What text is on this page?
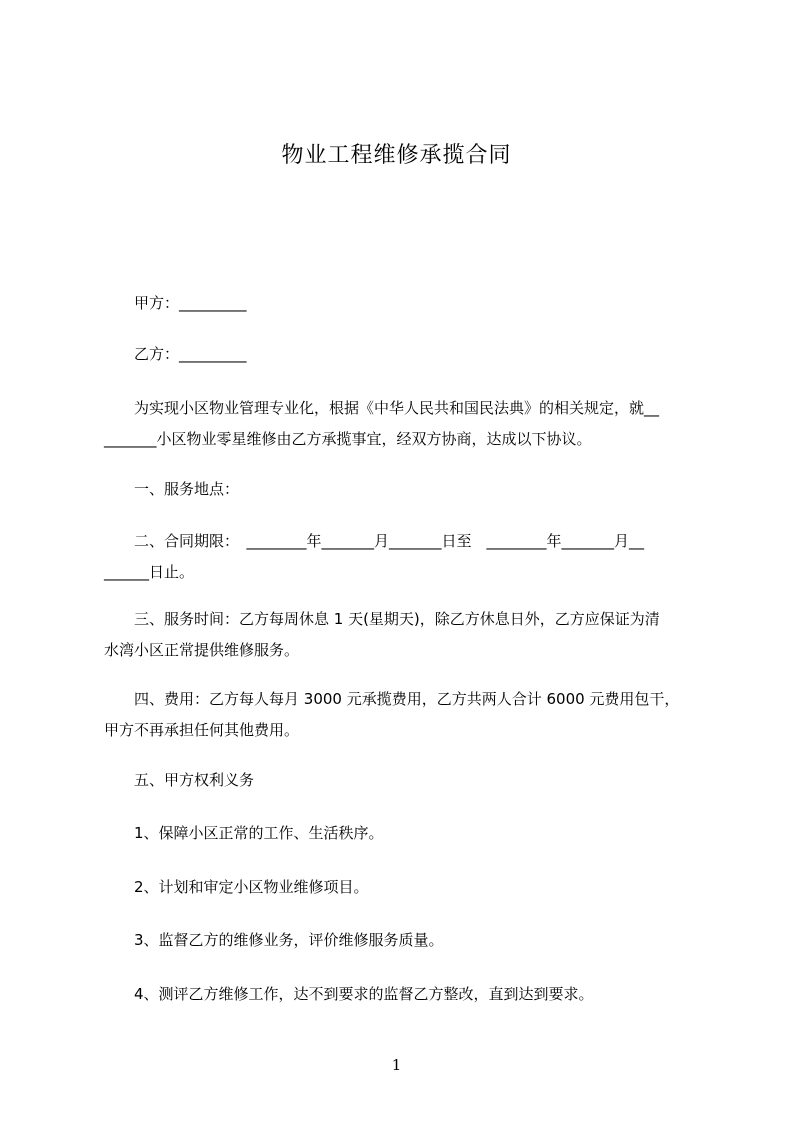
物业工程维修承揽合同
　　甲方：_________
　　乙方：_________
　　为实现小区物业管理专业化，根据《中华人民共和国民法典》的相关规定，就__
_______小区物业零星维修由乙方承揽事宜，经双方协商，达成以下协议。
　　一、服务地点：
　　二、合同期限：　________年_______月_______日至　________年_______月__
______日止。
　　三、服务时间：乙方每周休息 1 天(星期天)，除乙方休息日外，乙方应保证为清
水湾小区正常提供维修服务。
　　四、费用：乙方每人每月 3000 元承揽费用，乙方共两人合计 6000 元费用包干，
甲方不再承担任何其他费用。
　　五、甲方权利义务
　　1、保障小区正常的工作、生活秩序。
　　2、计划和审定小区物业维修项目。
　　3、监督乙方的维修业务，评价维修服务质量。
　　4、测评乙方维修工作，达不到要求的监督乙方整改，直到达到要求。
1
